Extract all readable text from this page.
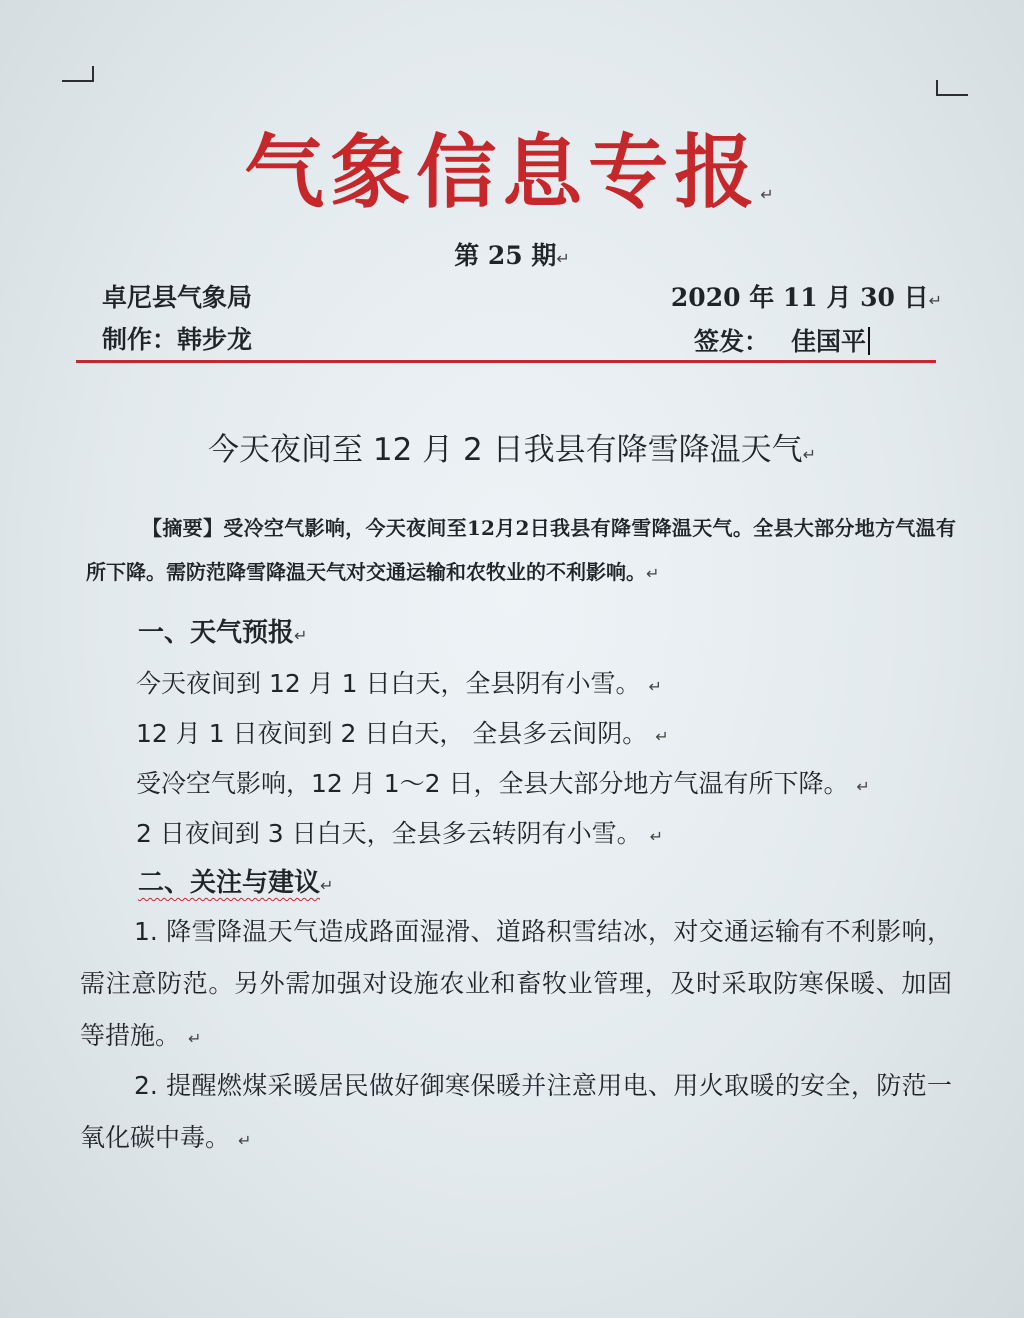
气象信息专报↵
第 25 期↵
卓尼县气象局	2020 年 11 月 30 日↵
制作：韩步龙	签发： 佳国平
今天夜间至 12 月 2 日我县有降雪降温天气↵
【摘要】受冷空气影响，今天夜间至12月2日我县有降雪降温天气。全县大部分地方气温有所下降。需防范降雪降温天气对交通运输和农牧业的不利影响。↵
一、天气预报↵
今天夜间到 12 月 1 日白天，全县阴有小雪。 ↵
12 月 1 日夜间到 2 日白天， 全县多云间阴。 ↵
受冷空气影响，12 月 1～2 日，全县大部分地方气温有所下降。 ↵
2 日夜间到 3 日白天，全县多云转阴有小雪。 ↵
二、关注与建议↵
1. 降雪降温天气造成路面湿滑、道路积雪结冰，对交通运输有不利影响，需注意防范。另外需加强对设施农业和畜牧业管理，及时采取防寒保暖、加固等措施。 ↵
2. 提醒燃煤采暖居民做好御寒保暖并注意用电、用火取暖的安全，防范一氧化碳中毒。 ↵
